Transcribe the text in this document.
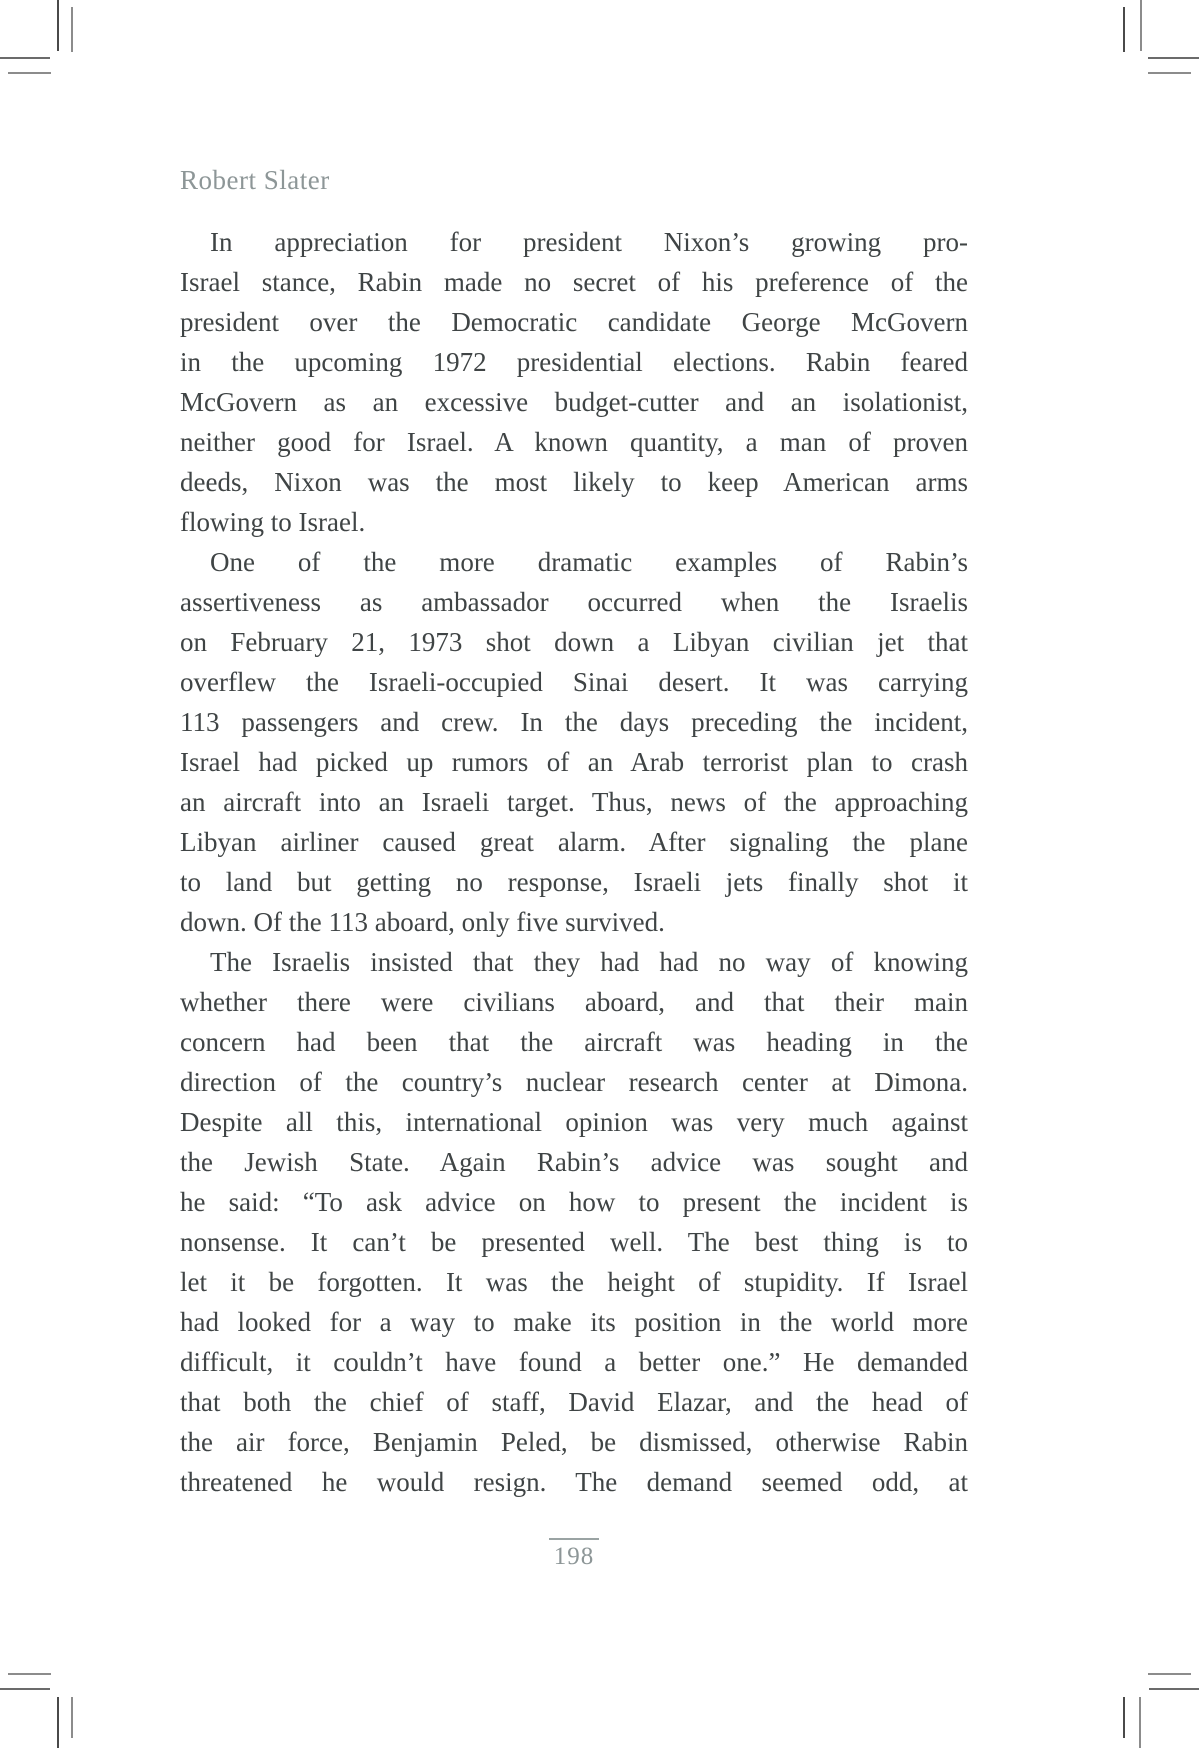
Robert Slater
In appreciation for president Nixon’s growing pro-
Israel stance, Rabin made no secret of his preference of the
president over the Democratic candidate George McGovern
in the upcoming 1972 presidential elections. Rabin feared
McGovern as an excessive budget-cutter and an isolationist,
neither good for Israel. A known quantity, a man of proven
deeds, Nixon was the most likely to keep American arms
flowing to Israel.
One of the more dramatic examples of Rabin’s
assertiveness as ambassador occurred when the Israelis
on February 21, 1973 shot down a Libyan civilian jet that
overflew the Israeli-occupied Sinai desert. It was carrying
113 passengers and crew. In the days preceding the incident,
Israel had picked up rumors of an Arab terrorist plan to crash
an aircraft into an Israeli target. Thus, news of the approaching
Libyan airliner caused great alarm. After signaling the plane
to land but getting no response, Israeli jets finally shot it
down. Of the 113 aboard, only five survived.
The Israelis insisted that they had had no way of knowing
whether there were civilians aboard, and that their main
concern had been that the aircraft was heading in the
direction of the country’s nuclear research center at Dimona.
Despite all this, international opinion was very much against
the Jewish State. Again Rabin’s advice was sought and
he said: “To ask advice on how to present the incident is
nonsense. It can’t be presented well. The best thing is to
let it be forgotten. It was the height of stupidity. If Israel
had looked for a way to make its position in the world more
difficult, it couldn’t have found a better one.” He demanded
that both the chief of staff, David Elazar, and the head of
the air force, Benjamin Peled, be dismissed, otherwise Rabin
threatened he would resign. The demand seemed odd, at
198
